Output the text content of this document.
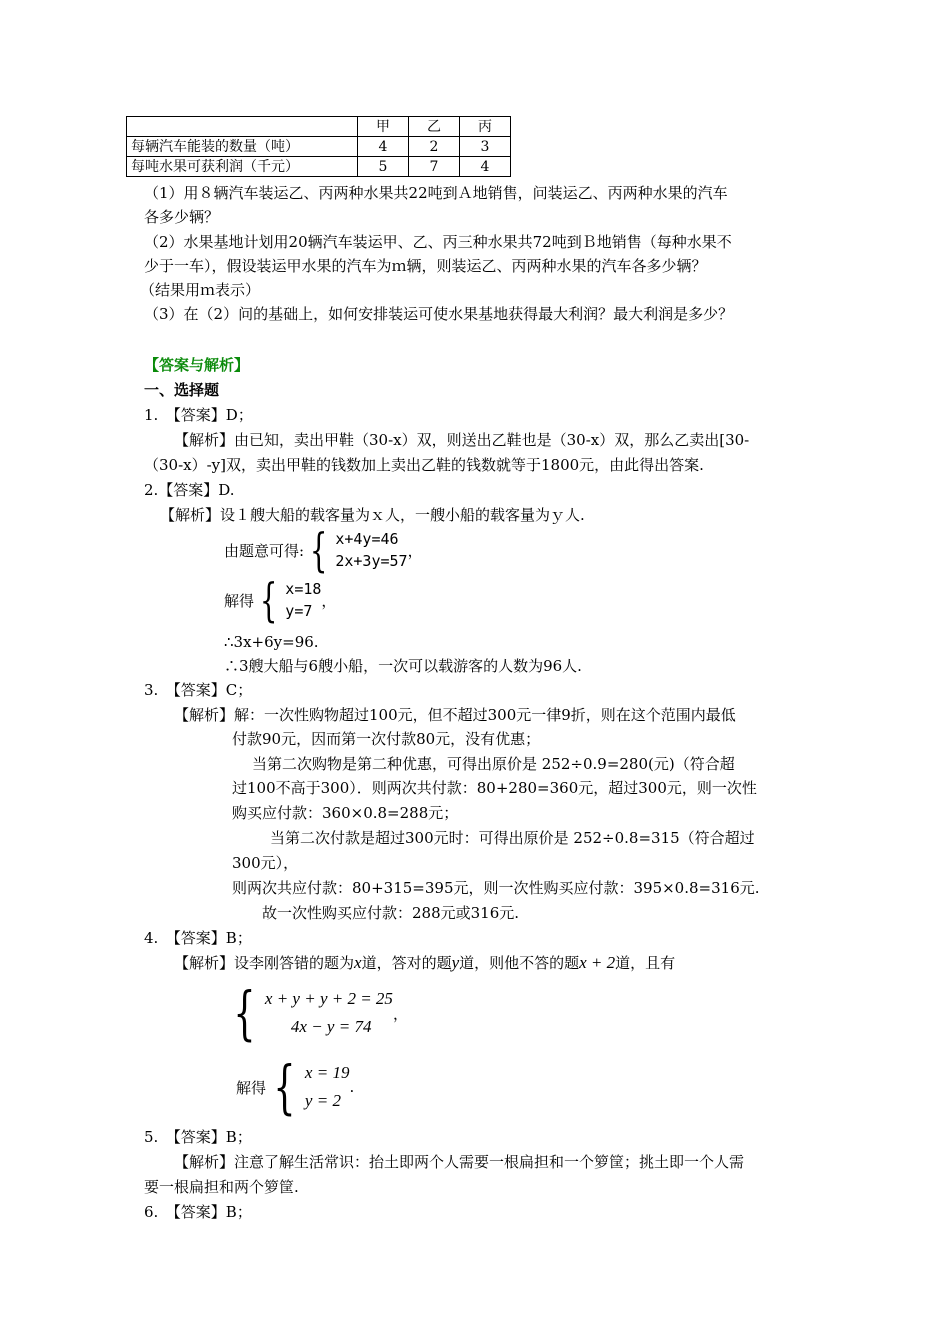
	甲	乙	丙
每辆汽车能装的数量（吨）	4	2	3
每吨水果可获利润（千元）	5	7	4
（1）用８辆汽车装运乙、丙两种水果共22吨到Ａ地销售，问装运乙、丙两种水果的汽车
各多少辆？
（2）水果基地计划用20辆汽车装运甲、乙、丙三种水果共72吨到Ｂ地销售（每种水果不
少于一车），假设装运甲水果的汽车为ｍ辆，则装运乙、丙两种水果的汽车各多少辆？
（结果用ｍ表示）
（3）在（2）问的基础上，如何安排装运可使水果基地获得最大利润？最大利润是多少？
【答案与解析】
一、选择题
1.　【答案】D；
【解析】由已知，卖出甲鞋（30-x）双，则送出乙鞋也是（30-x）双，那么乙卖出[30-
（30-x）-y]双，卖出甲鞋的钱数加上卖出乙鞋的钱数就等于1800元，由此得出答案.
2.【答案】D.
【解析】设１艘大船的载客量为ｘ人，一艘小船的载客量为ｙ人.
由题意可得: { x+4y=46
2x+3y=57
，
解得 { x=18
y=7
，
∴3x+6y=96.
∴3艘大船与6艘小船，一次可以载游客的人数为96人.
3.　【答案】C；
【解析】解：一次性购物超过100元，但不超过300元一律9折，则在这个范围内最低
付款90元，因而第一次付款80元，没有优惠；
当第二次购物是第二种优惠，可得出原价是 252÷0.9=280(元)（符合超
过100不高于300）．则两次共付款：80+280=360元，超过300元，则一次性
购买应付款：360×0.8=288元；
当第二次付款是超过300元时：可得出原价是 252÷0.8=315（符合超过
300元），
则两次共应付款：80+315=395元，则一次性购买应付款：395×0.8=316元.
故一次性购买应付款：288元或316元.
4.　【答案】B；
【解析】设李刚答错的题为x道，答对的题y道，则他不答的题x + 2道，且有
{ x + y + y + 2 = 25
4x − y = 74
，
解得 { x = 19
y = 2
.
5.　【答案】B；
【解析】注意了解生活常识：抬土即两个人需要一根扁担和一个箩筐；挑土即一个人需
要一根扁担和两个箩筐.
6.　【答案】B；
